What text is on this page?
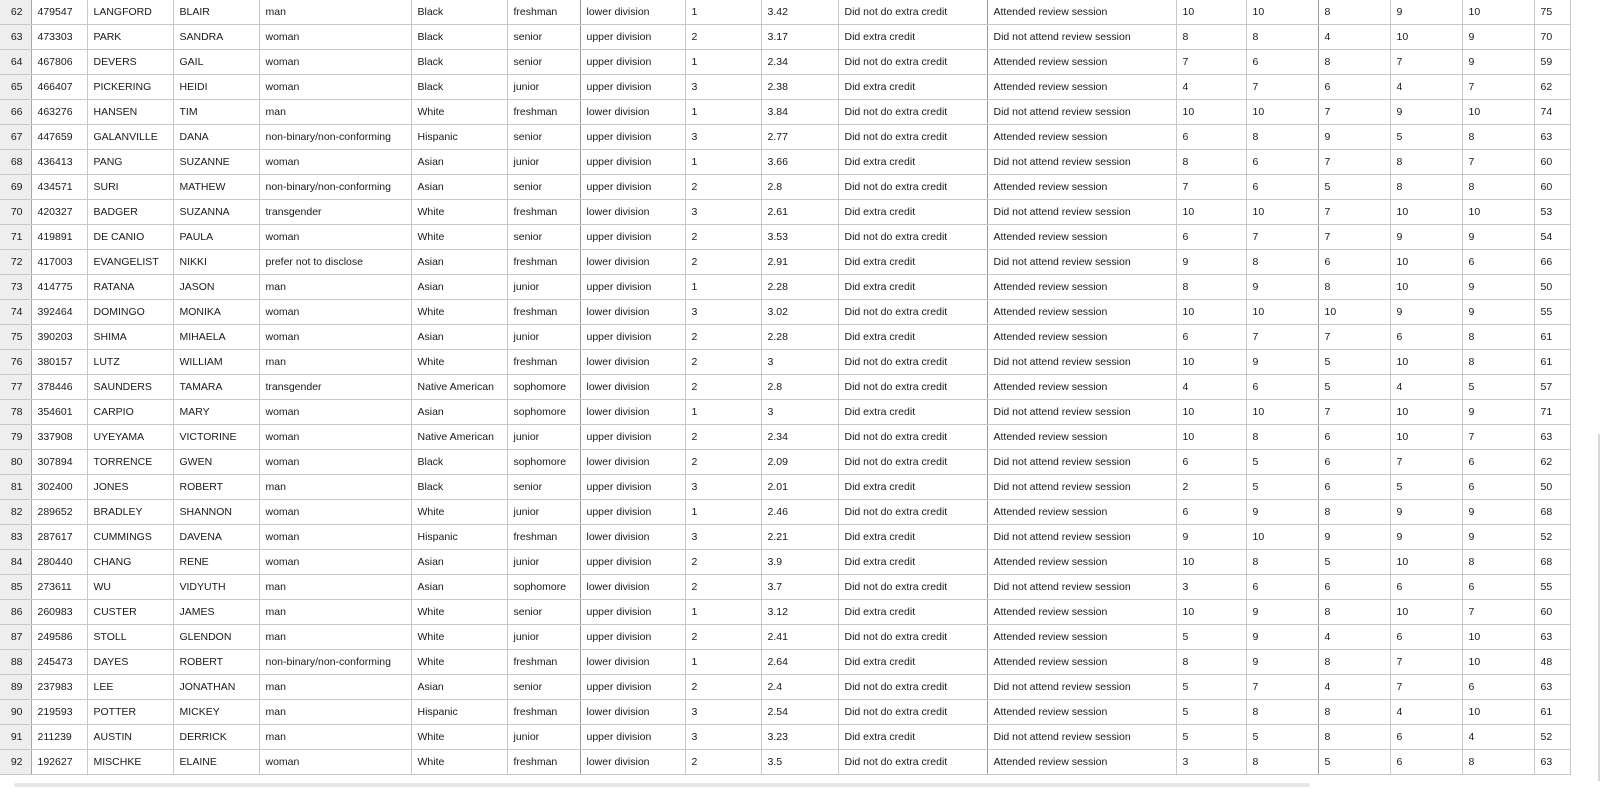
62	479547	LANGFORD	BLAIR	man	Black	freshman	lower division	1	3.42	Did not do extra credit	Attended review session	10	10	8	9	10	75
63	473303	PARK	SANDRA	woman	Black	senior	upper division	2	3.17	Did extra credit	Did not attend review session	8	8	4	10	9	70
64	467806	DEVERS	GAIL	woman	Black	senior	upper division	1	2.34	Did not do extra credit	Attended review session	7	6	8	7	9	59
65	466407	PICKERING	HEIDI	woman	Black	junior	upper division	3	2.38	Did extra credit	Attended review session	4	7	6	4	7	62
66	463276	HANSEN	TIM	man	White	freshman	lower division	1	3.84	Did not do extra credit	Did not attend review session	10	10	7	9	10	74
67	447659	GALANVILLE	DANA	non-binary/non-conforming	Hispanic	senior	upper division	3	2.77	Did not do extra credit	Attended review session	6	8	9	5	8	63
68	436413	PANG	SUZANNE	woman	Asian	junior	upper division	1	3.66	Did extra credit	Did not attend review session	8	6	7	8	7	60
69	434571	SURI	MATHEW	non-binary/non-conforming	Asian	senior	upper division	2	2.8	Did not do extra credit	Attended review session	7	6	5	8	8	60
70	420327	BADGER	SUZANNA	transgender	White	freshman	lower division	3	2.61	Did extra credit	Did not attend review session	10	10	7	10	10	53
71	419891	DE CANIO	PAULA	woman	White	senior	upper division	2	3.53	Did not do extra credit	Attended review session	6	7	7	9	9	54
72	417003	EVANGELIST	NIKKI	prefer not to disclose	Asian	freshman	lower division	2	2.91	Did extra credit	Did not attend review session	9	8	6	10	6	66
73	414775	RATANA	JASON	man	Asian	junior	upper division	1	2.28	Did extra credit	Attended review session	8	9	8	10	9	50
74	392464	DOMINGO	MONIKA	woman	White	freshman	lower division	3	3.02	Did not do extra credit	Attended review session	10	10	10	9	9	55
75	390203	SHIMA	MIHAELA	woman	Asian	junior	upper division	2	2.28	Did extra credit	Attended review session	6	7	7	6	8	61
76	380157	LUTZ	WILLIAM	man	White	freshman	lower division	2	3	Did not do extra credit	Did not attend review session	10	9	5	10	8	61
77	378446	SAUNDERS	TAMARA	transgender	Native American	sophomore	lower division	2	2.8	Did not do extra credit	Attended review session	4	6	5	4	5	57
78	354601	CARPIO	MARY	woman	Asian	sophomore	lower division	1	3	Did extra credit	Did not attend review session	10	10	7	10	9	71
79	337908	UYEYAMA	VICTORINE	woman	Native American	junior	upper division	2	2.34	Did not do extra credit	Attended review session	10	8	6	10	7	63
80	307894	TORRENCE	GWEN	woman	Black	sophomore	lower division	2	2.09	Did not do extra credit	Did not attend review session	6	5	6	7	6	62
81	302400	JONES	ROBERT	man	Black	senior	upper division	3	2.01	Did extra credit	Did not attend review session	2	5	6	5	6	50
82	289652	BRADLEY	SHANNON	woman	White	junior	upper division	1	2.46	Did not do extra credit	Attended review session	6	9	8	9	9	68
83	287617	CUMMINGS	DAVENA	woman	Hispanic	freshman	lower division	3	2.21	Did extra credit	Did not attend review session	9	10	9	9	9	52
84	280440	CHANG	RENE	woman	Asian	junior	upper division	2	3.9	Did extra credit	Attended review session	10	8	5	10	8	68
85	273611	WU	VIDYUTH	man	Asian	sophomore	lower division	2	3.7	Did not do extra credit	Did not attend review session	3	6	6	6	6	55
86	260983	CUSTER	JAMES	man	White	senior	upper division	1	3.12	Did extra credit	Attended review session	10	9	8	10	7	60
87	249586	STOLL	GLENDON	man	White	junior	upper division	2	2.41	Did not do extra credit	Attended review session	5	9	4	6	10	63
88	245473	DAYES	ROBERT	non-binary/non-conforming	White	freshman	lower division	1	2.64	Did extra credit	Attended review session	8	9	8	7	10	48
89	237983	LEE	JONATHAN	man	Asian	senior	upper division	2	2.4	Did not do extra credit	Did not attend review session	5	7	4	7	6	63
90	219593	POTTER	MICKEY	man	Hispanic	freshman	lower division	3	2.54	Did not do extra credit	Attended review session	5	8	8	4	10	61
91	211239	AUSTIN	DERRICK	man	White	junior	upper division	3	3.23	Did extra credit	Did not attend review session	5	5	8	6	4	52
92	192627	MISCHKE	ELAINE	woman	White	freshman	lower division	2	3.5	Did not do extra credit	Attended review session	3	8	5	6	8	63
